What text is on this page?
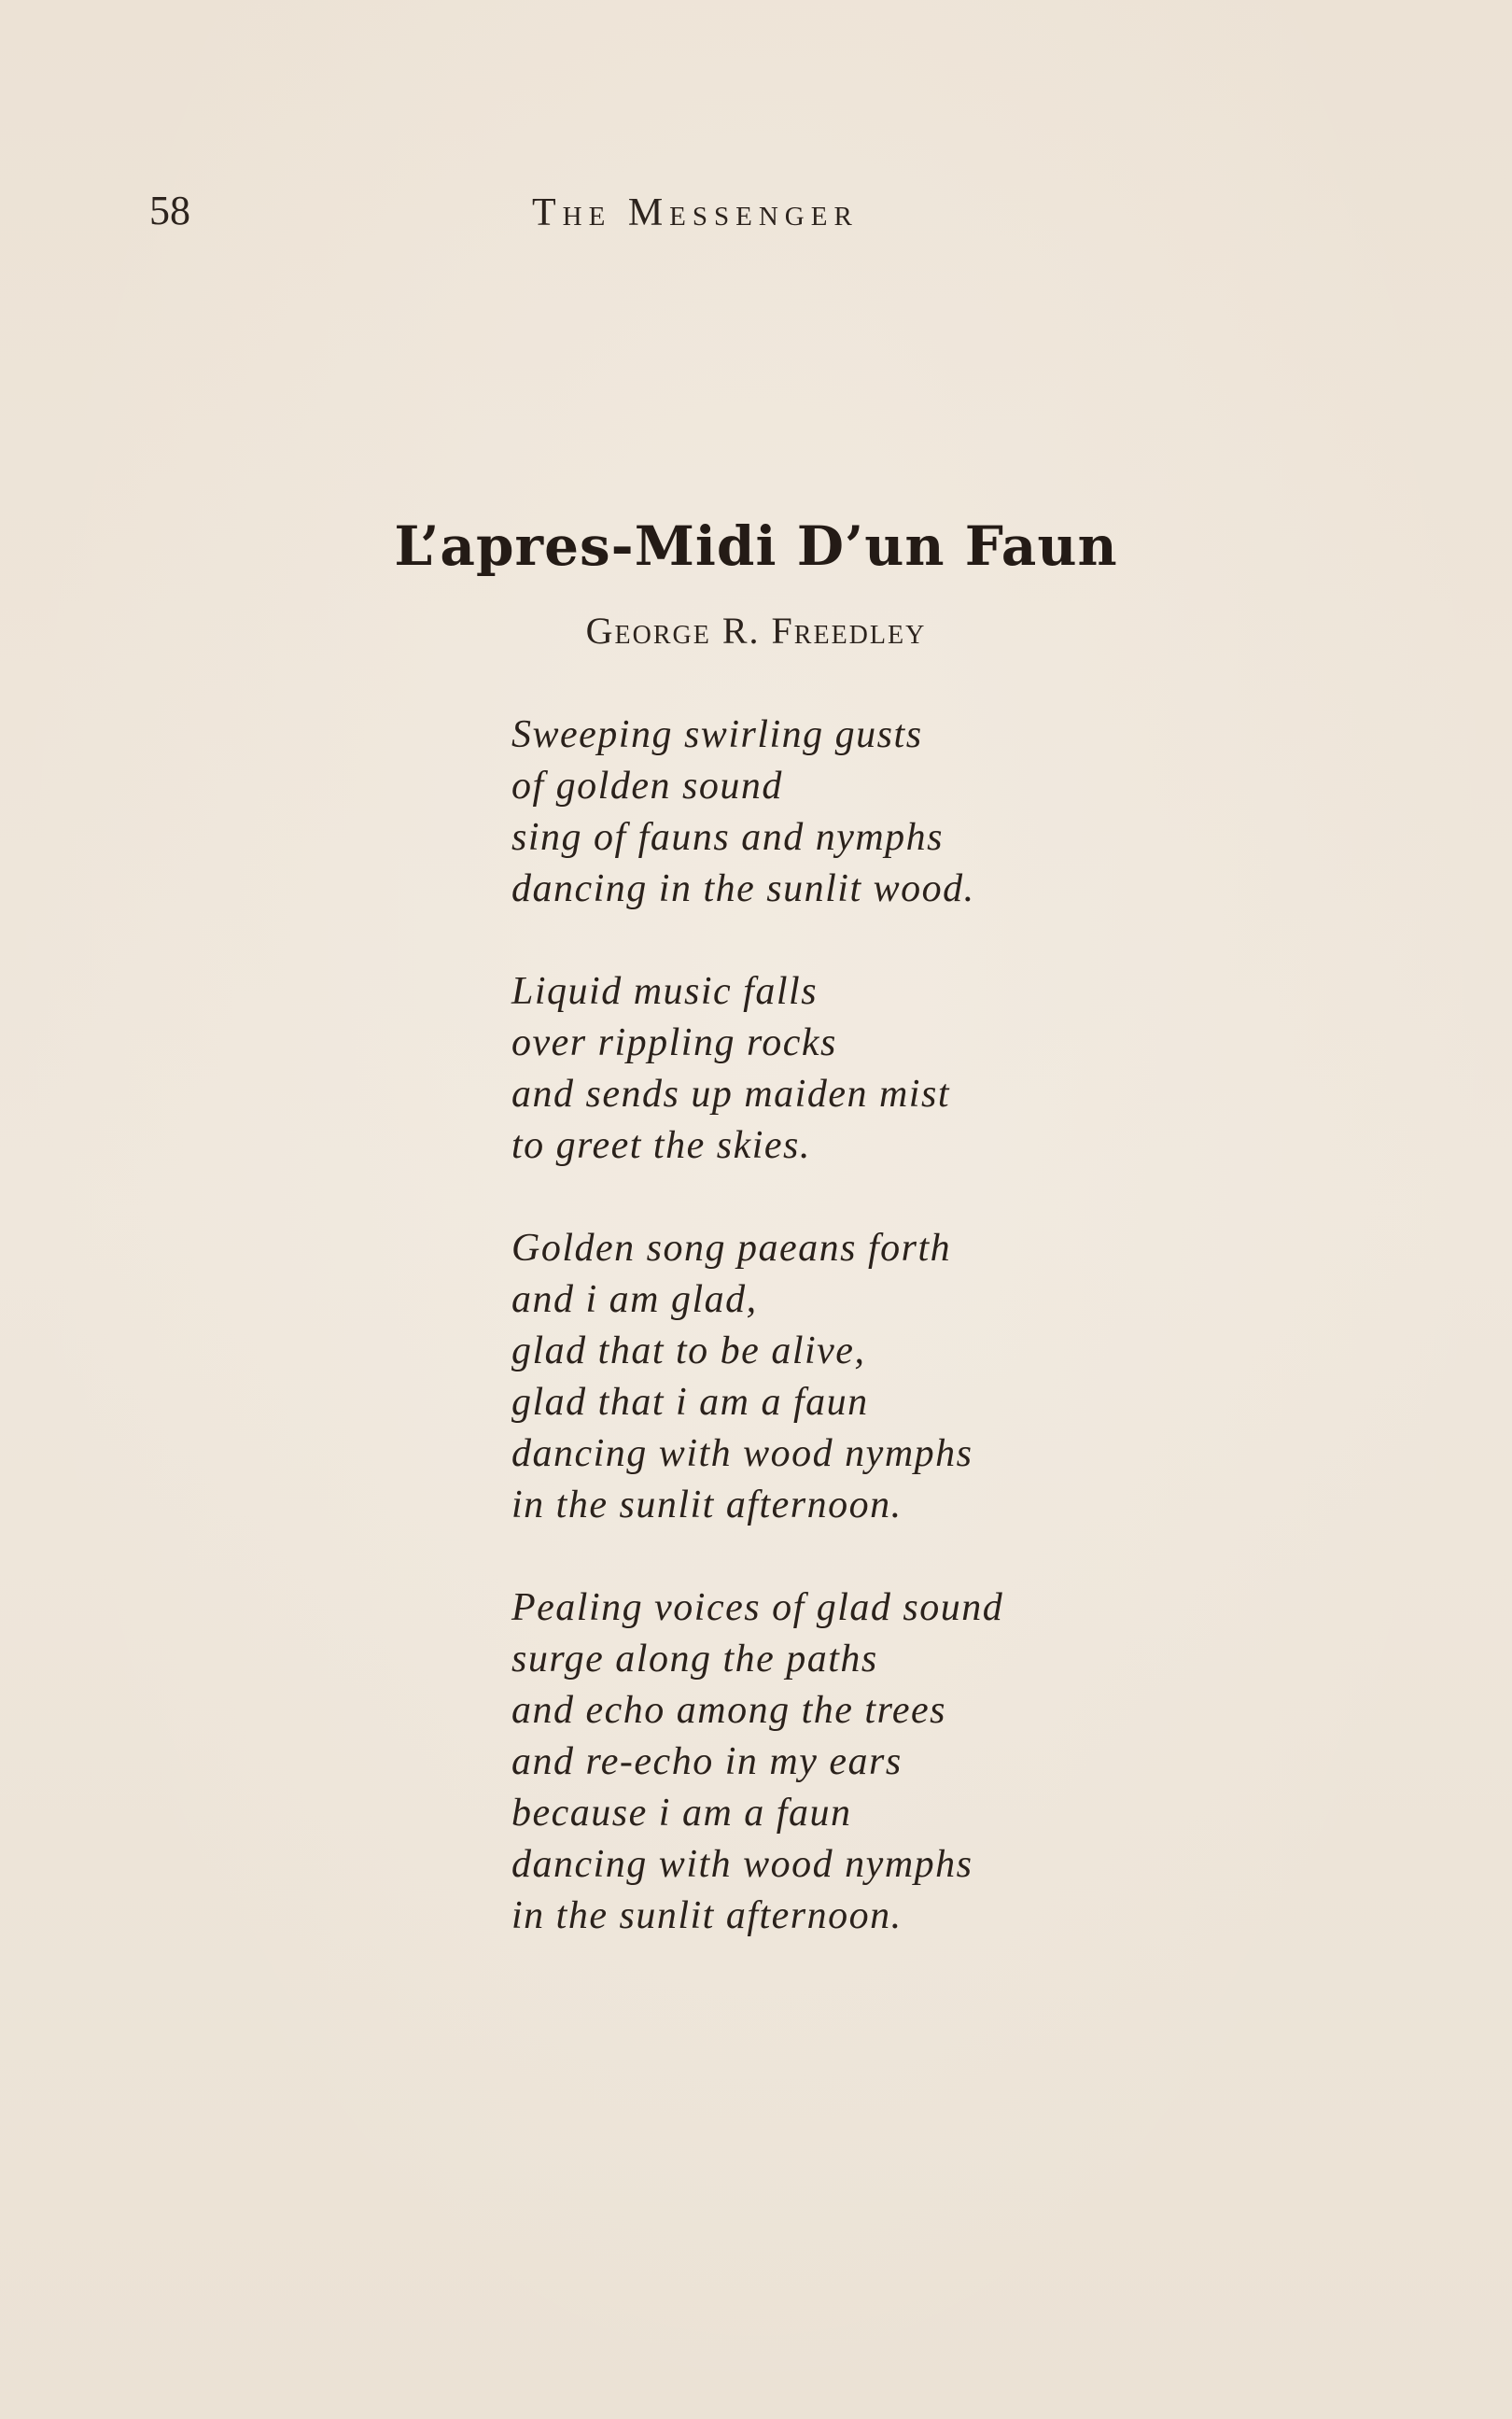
58	The Messenger
L’apres-Midi D’un Faun
George R. Freedley
Sweeping swirling gusts
of golden sound
sing of fauns and nymphs
dancing in the sunlit wood.
Liquid music falls
over rippling rocks
and sends up maiden mist
to greet the skies.
Golden song paeans forth
and i am glad,
glad that to be alive,
glad that i am a faun
dancing with wood nymphs
in the sunlit afternoon.
Pealing voices of glad sound
surge along the paths
and echo among the trees
and re-echo in my ears
because i am a faun
dancing with wood nymphs
in the sunlit afternoon.
